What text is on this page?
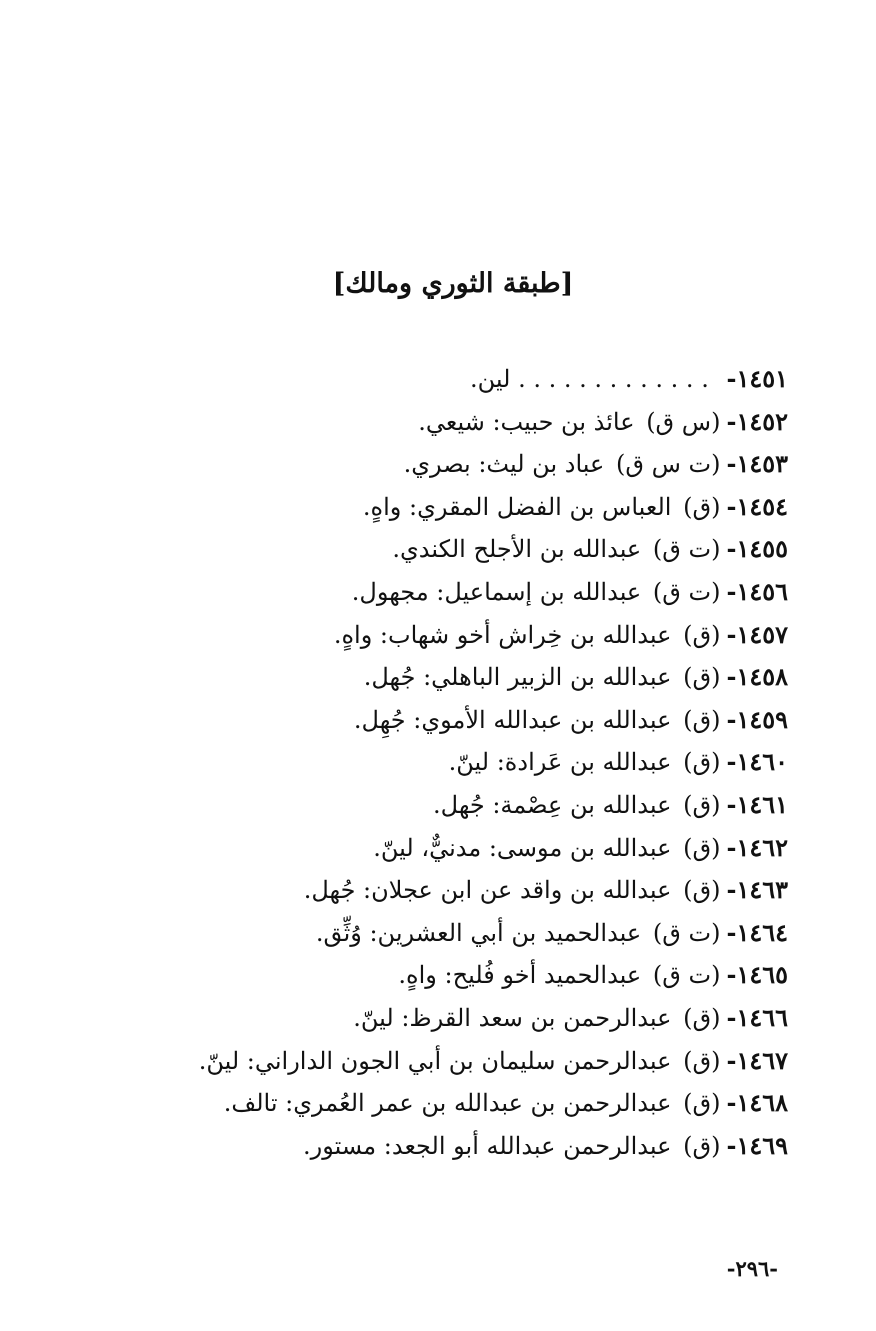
[طبقة الثوري ومالك]
١٤٥١- . . . . . . . . . . . . . لين.
١٤٥٢-(س ق) عائذ بن حبيب: شيعي.
١٤٥٣-(ت س ق) عباد بن ليث: بصري.
١٤٥٤-(ق) العباس بن الفضل المقري: واهٍ.
١٤٥٥-(ت ق) عبدالله بن الأجلح الكندي.
١٤٥٦-(ت ق) عبدالله بن إسماعيل: مجهول.
١٤٥٧-(ق) عبدالله بن خِراش أخو شهاب: واهٍ.
١٤٥٨-(ق) عبدالله بن الزبير الباهلي: جُهل.
١٤٥٩-(ق) عبدالله بن عبدالله الأموي: جُهِل.
١٤٦٠-(ق) عبدالله بن عَرادة: لينّ.
١٤٦١-(ق) عبدالله بن عِصْمة: جُهل.
١٤٦٢-(ق) عبدالله بن موسى: مدنيٌّ، لينّ.
١٤٦٣-(ق) عبدالله بن واقد عن ابن عجلان: جُهل.
١٤٦٤-(ت ق) عبدالحميد بن أبي العشرين: وُثِّق.
١٤٦٥-(ت ق) عبدالحميد أخو فُليح: واهٍ.
١٤٦٦-(ق) عبدالرحمن بن سعد القرظ: لينّ.
١٤٦٧-(ق) عبدالرحمن سليمان بن أبي الجون الداراني: لينّ.
١٤٦٨-(ق) عبدالرحمن بن عبدالله بن عمر العُمري: تالف.
١٤٦٩-(ق) عبدالرحمن عبدالله أبو الجعد: مستور.
-٢٩٦-
